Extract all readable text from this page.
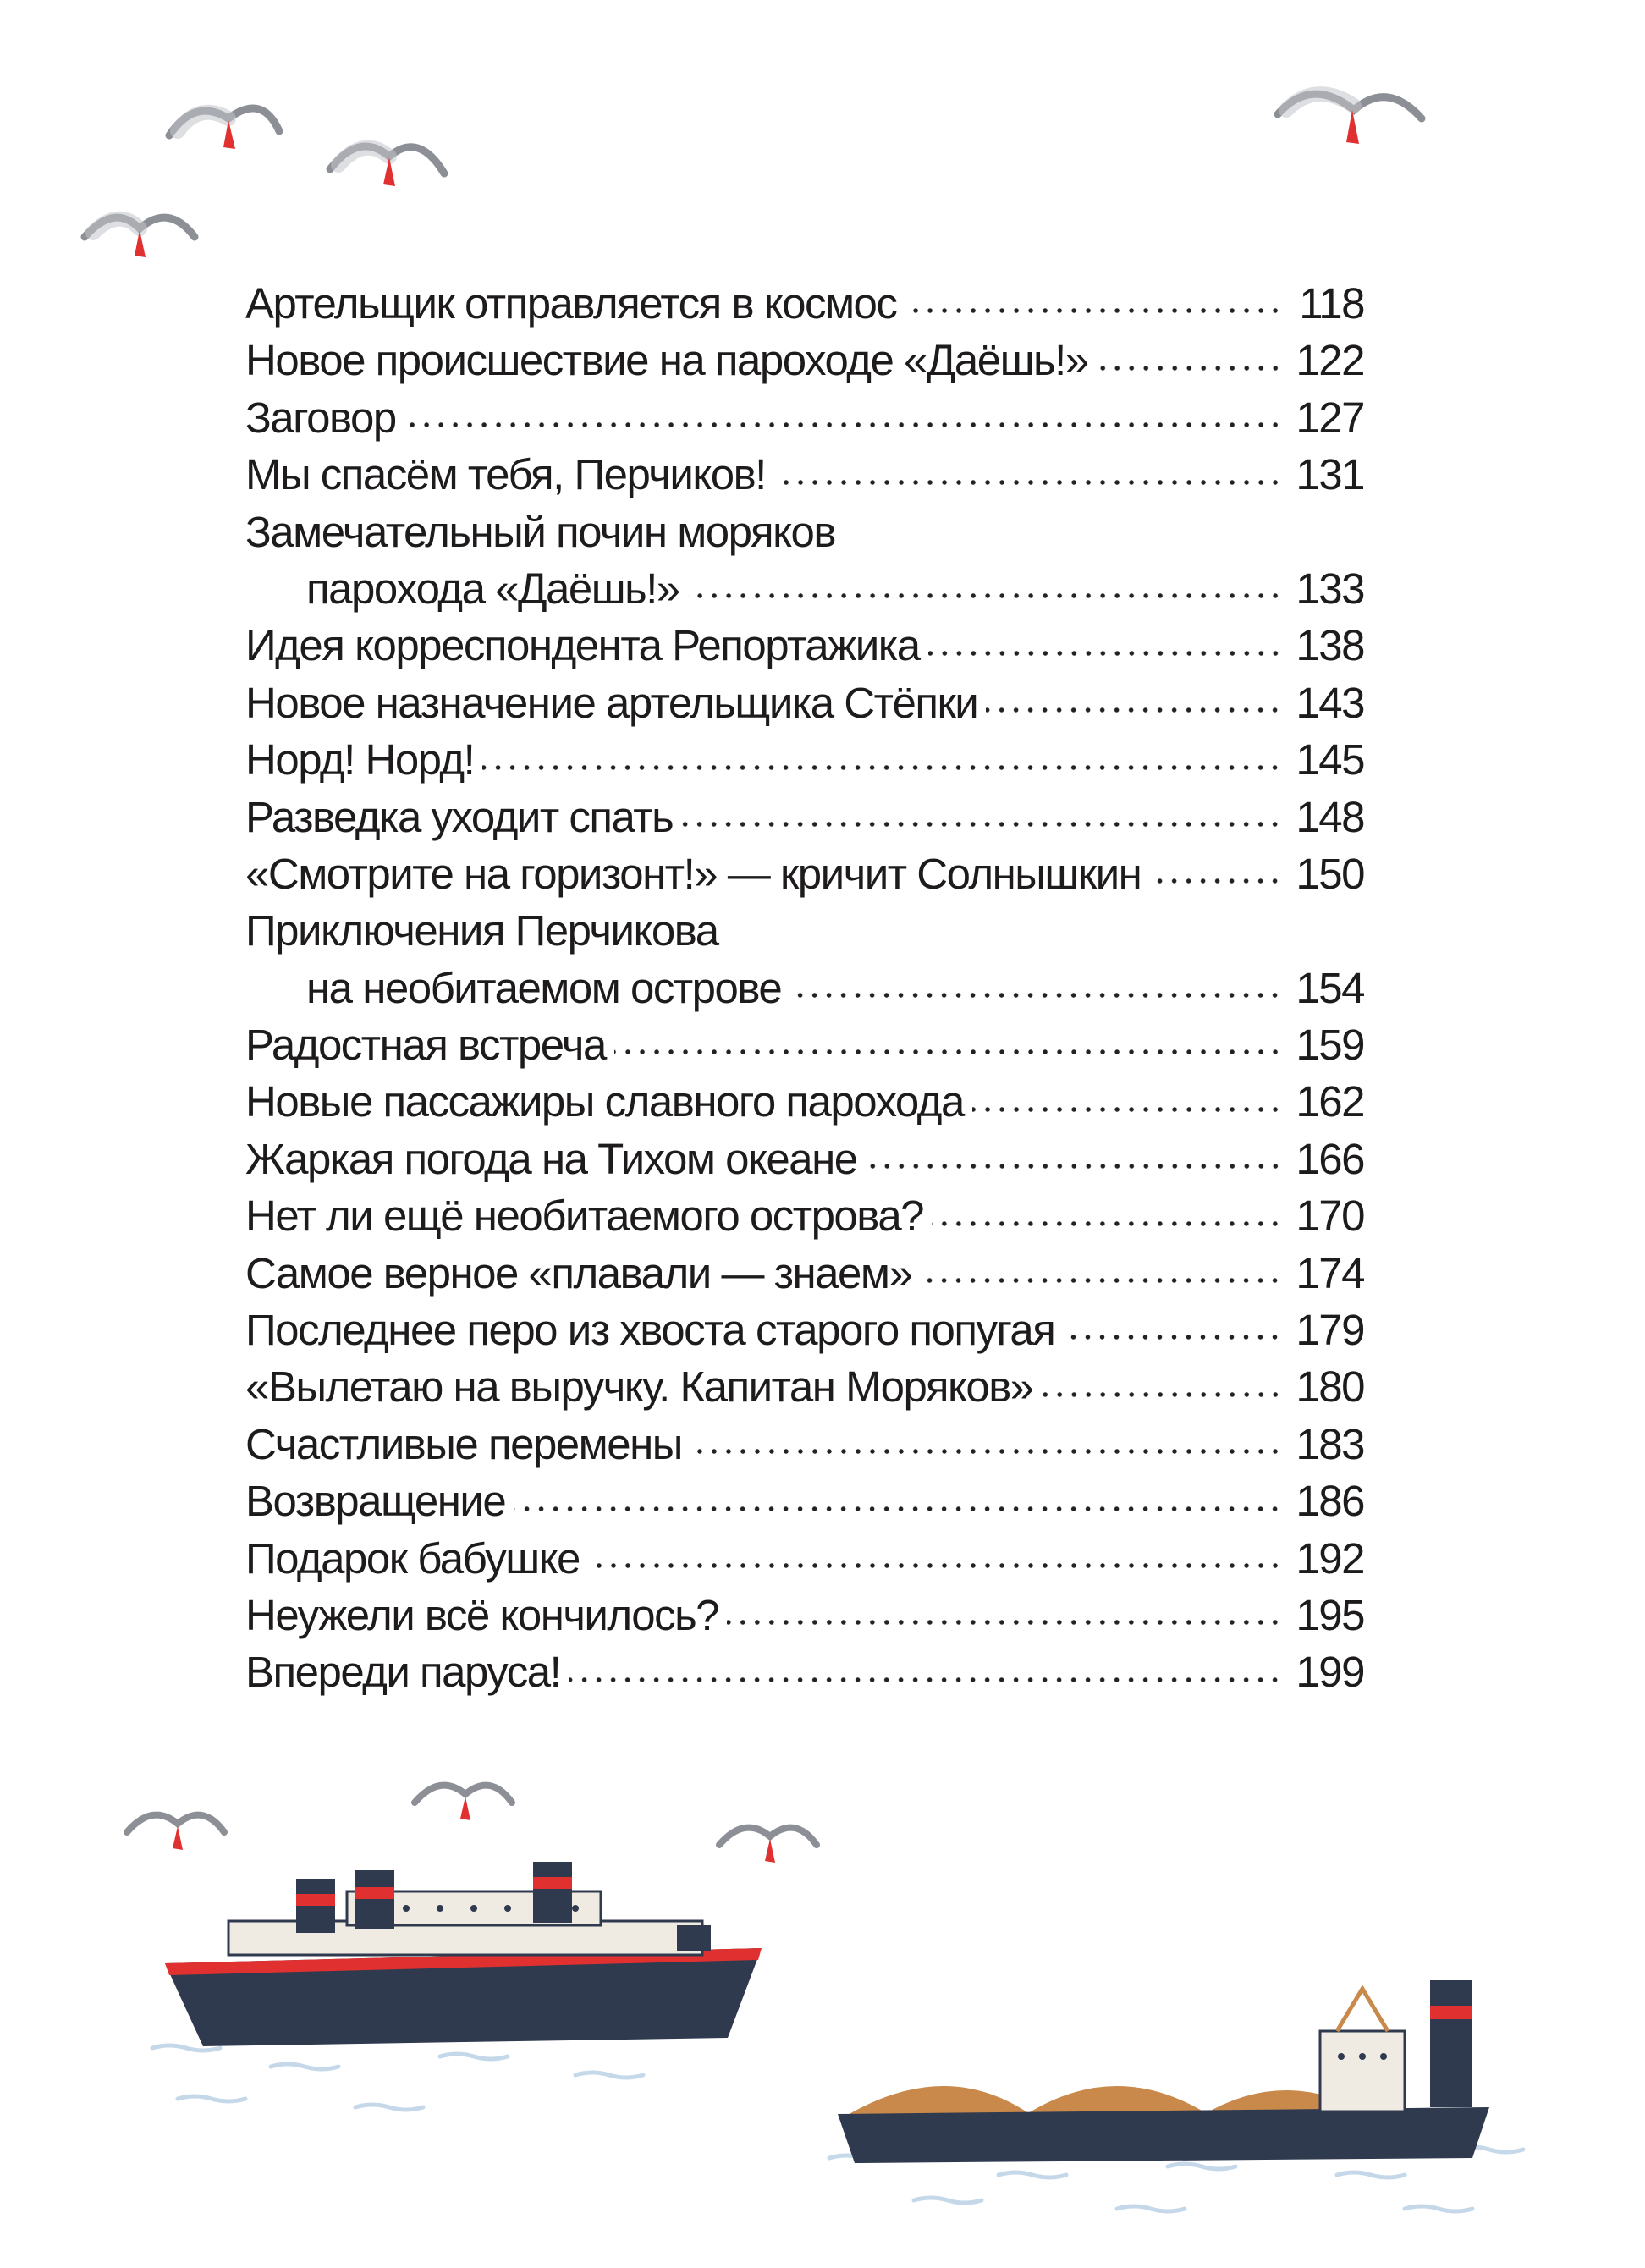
Артельщик отправляется в космос	118
Новое происшествие на пароходе «Даёшь!»	122
Заговор	127
Мы спасём тебя, Перчиков!	131
Замечательный почин моряков
парохода «Даёшь!»	133
Идея корреспондента Репортажика	138
Новое назначение артельщика Стёпки	143
Норд! Норд!	145
Разведка уходит спать	148
«Смотрите на горизонт!» — кричит Солнышкин	150
Приключения Перчикова
на необитаемом острове	154
Радостная встреча	159
Новые пассажиры славного парохода	162
Жаркая погода на Тихом океане	166
Нет ли ещё необитаемого острова?	170
Самое верное «плавали — знаем»	174
Последнее перо из хвоста старого попугая	179
«Вылетаю на выручку. Капитан Моряков»	180
Счастливые перемены	183
Возвращение	186
Подарок бабушке	192
Неужели всё кончилось?	195
Впереди паруса!	199
